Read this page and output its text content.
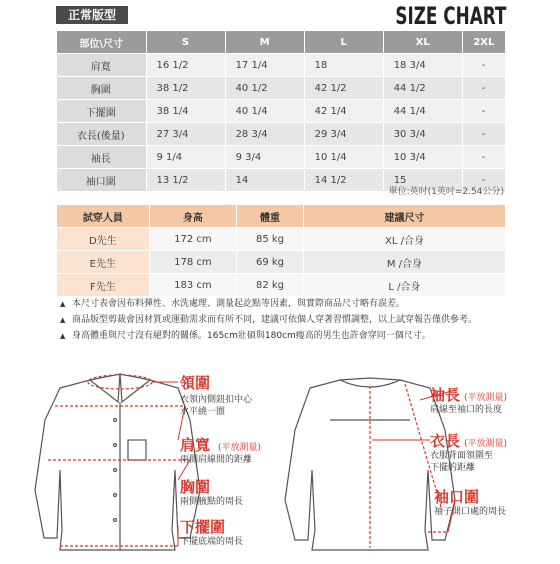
正常版型	SIZE CHART
部位\尺寸	S	M	L	XL	2XL
肩寬	16 1/2	17 1/4	18	18 3/4	-
胸圍	38 1/2	40 1/2	42 1/2	44 1/2	-
下擺圍	38 1/4	40 1/4	42 1/4	44 1/4	-
衣長(後量)	27 3/4	28 3/4	29 3/4	30 3/4	-
袖長	9 1/4	9 3/4	10 1/4	10 3/4	-
袖口圍	13 1/2	14	14 1/2	15	-
單位:英吋(1英吋=2.54公分)
試穿人員	身高	體重	建議尺寸
D先生	172 cm	85 kg	XL /合身
E先生	178 cm	69 kg	M /合身
F先生	183 cm	82 kg	L /合身
▲ 本尺寸表會因布料彈性、水洗處理、測量起訖點等因素，與實際商品尺寸略有誤差。
▲ 商品版型剪裁會因材質或運動需求而有所不同，建議可依個人穿著習慣調整，以上試穿報告僅供參考。
▲ 身高體重與尺寸沒有絕對的關係。165cm壯碩與180cm瘦高的男生也許會穿同一個尺寸。
領圍
衣領內側鈕扣中心
水平繞一圈
肩寬 (平放測量)
兩側肩線間的距離
胸圍
兩側腋點的周長
下擺圍
下擺底端的周長
袖長 (平放測量)
肩線至袖口的長度
衣長 (平放測量)
衣服背面領圍至
下擺的距離
袖口圍
袖子開口處的周長
